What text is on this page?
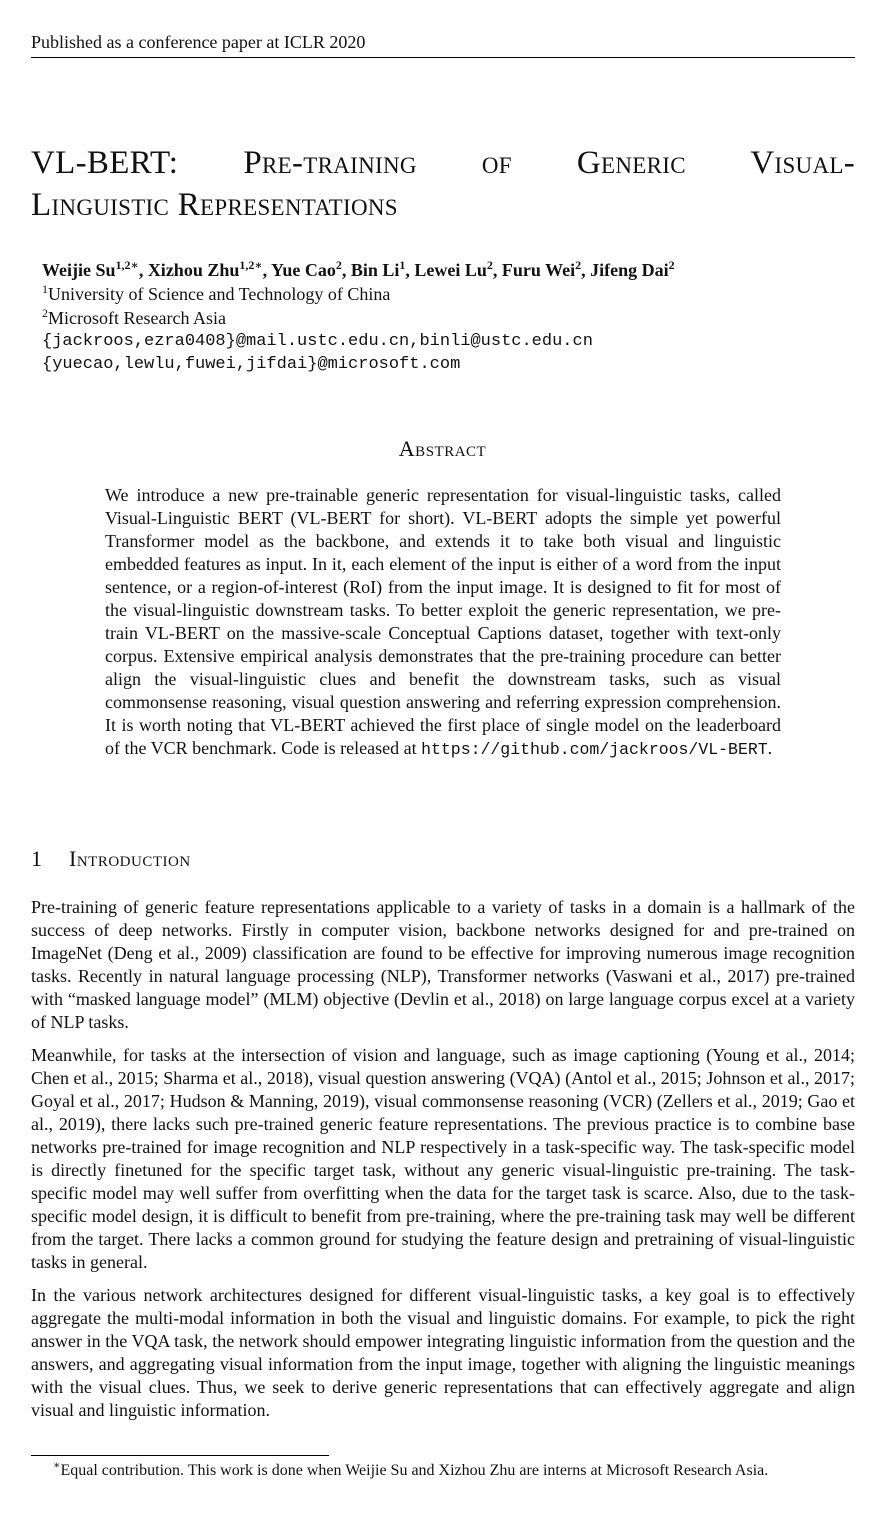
Published as a conference paper at ICLR 2020
VL-BERT: Pre-training of Generic Visual-
Linguistic Representations
Weijie $Su^{1,2∗}$, Xizhou Zhu$^{1,2∗}$, Yue Cao$^2$, Bin Li$^1$, Lewei Lu$^2$, Furu Wei$^2$, Jifeng Dai$^2$
$^1$University of Science and Technology of China
$^2$Microsoft Research Asia
{jackroos,ezra0408}@mail.ustc.edu.cn,binli@ustc.edu.cn
{yuecao,lewlu,fuwei,jifdai}@microsoft.com
Abstract
We introduce a new pre-trainable generic representation for visual-linguistic tasks, called Visual-Linguistic BERT (VL-BERT for short). VL-BERT adopts the simple yet powerful Transformer model as the backbone, and extends it to take both visual and linguistic embedded features as input. In it, each element of the input is either of a word from the input sentence, or a region-of-interest (RoI) from the input image. It is designed to fit for most of the visual-linguistic downstream tasks. To better exploit the generic representation, we pre-train VL-BERT on the massive-scale Conceptual Captions dataset, together with text-only corpus. Extensive empirical analysis demonstrates that the pre-training procedure can better align the visual-linguistic clues and benefit the downstream tasks, such as visual commonsense reasoning, visual question answering and referring expression comprehension. It is worth noting that VL-BERT achieved the first place of single model on the leaderboard of the VCR benchmark. Code is released at https://github.com/jackroos/VL-BERT.
1 Introduction

Pre-training of generic feature representations applicable to a variety of tasks in a domain is a hallmark of the success of deep networks. Firstly in computer vision, backbone networks designed for and pre-trained on ImageNet (Deng et al., 2009) classification are found to be effective for improving numerous image recognition tasks. Recently in natural language processing (NLP), Transformer networks (Vaswani et al., 2017) pre-trained with “masked language model” (MLM) objective (Devlin et al., 2018) on large language corpus excel at a variety of NLP tasks.

Meanwhile, for tasks at the intersection of vision and language, such as image captioning (Young et al., 2014; Chen et al., 2015; Sharma et al., 2018), visual question answering (VQA) (Antol et al., 2015; Johnson et al., 2017; Goyal et al., 2017; Hudson & Manning, 2019), visual commonsense reasoning (VCR) (Zellers et al., 2019; Gao et al., 2019), there lacks such pre-trained generic feature representations. The previous practice is to combine base networks pre-trained for image recognition and NLP respectively in a task-specific way. The task-specific model is directly finetuned for the specific target task, without any generic visual-linguistic pre-training. The task-specific model may well suffer from overfitting when the data for the target task is scarce. Also, due to the task-specific model design, it is difficult to benefit from pre-training, where the pre-training task may well be different from the target. There lacks a common ground for studying the feature design and pretraining of visual-linguistic tasks in general.

In the various network architectures designed for different visual-linguistic tasks, a key goal is to effectively aggregate the multi-modal information in both the visual and linguistic domains. For example, to pick the right answer in the VQA task, the network should empower integrating linguistic information from the question and the answers, and aggregating visual information from the input image, together with aligning the linguistic meanings with the visual clues. Thus, we seek to derive generic representations that can effectively aggregate and align visual and linguistic information.

∗Equal contribution. This work is done when Weijie Su and Xizhou Zhu are interns at Microsoft Research Asia.
